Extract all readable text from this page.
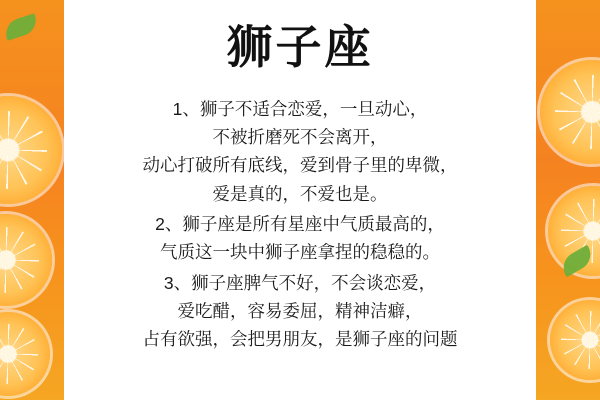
狮子座
1、狮子不适合恋爱，一旦动心，
不被折磨死不会离开，
动心打破所有底线，爱到骨子里的卑微，
爱是真的，不爱也是。
2、狮子座是所有星座中气质最高的，
气质这一块中狮子座拿捏的稳稳的。
3、狮子座脾气不好，不会谈恋爱，
爱吃醋，容易委屈，精神洁癖，
占有欲强，会把男朋友，是狮子座的问题
